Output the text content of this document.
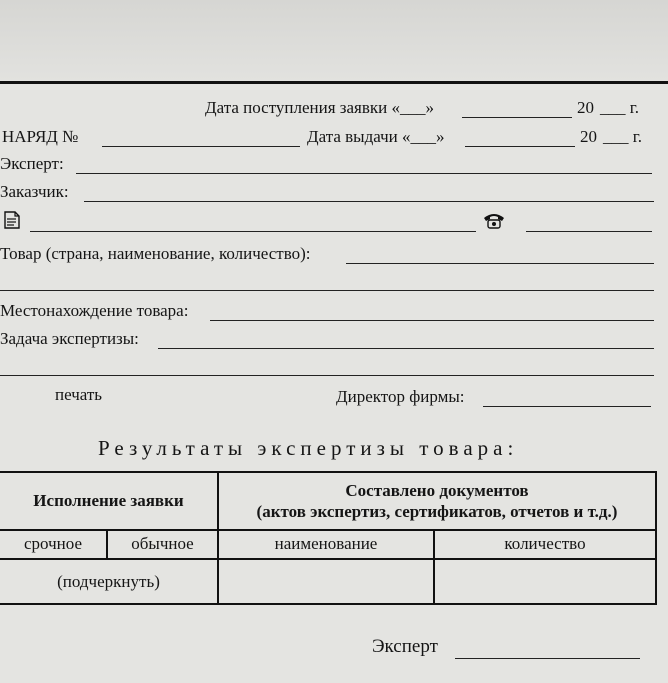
Дата поступления заявки «___»	20 ___ г.
НАРЯД №	Дата выдачи «___»	20 ___ г.
Эксперт:
Заказчик:
Товар (страна, наименование, количество):
Местонахождение товара:
Задача экспертизы:
печать	Директор фирмы:
Результаты экспертизы товара:
Исполнение заявки
Составлено документов
(актов экспертиз, сертификатов, отчетов и т.д.)
срочное	обычное	наименование	количество
(подчеркнуть)
Эксперт
